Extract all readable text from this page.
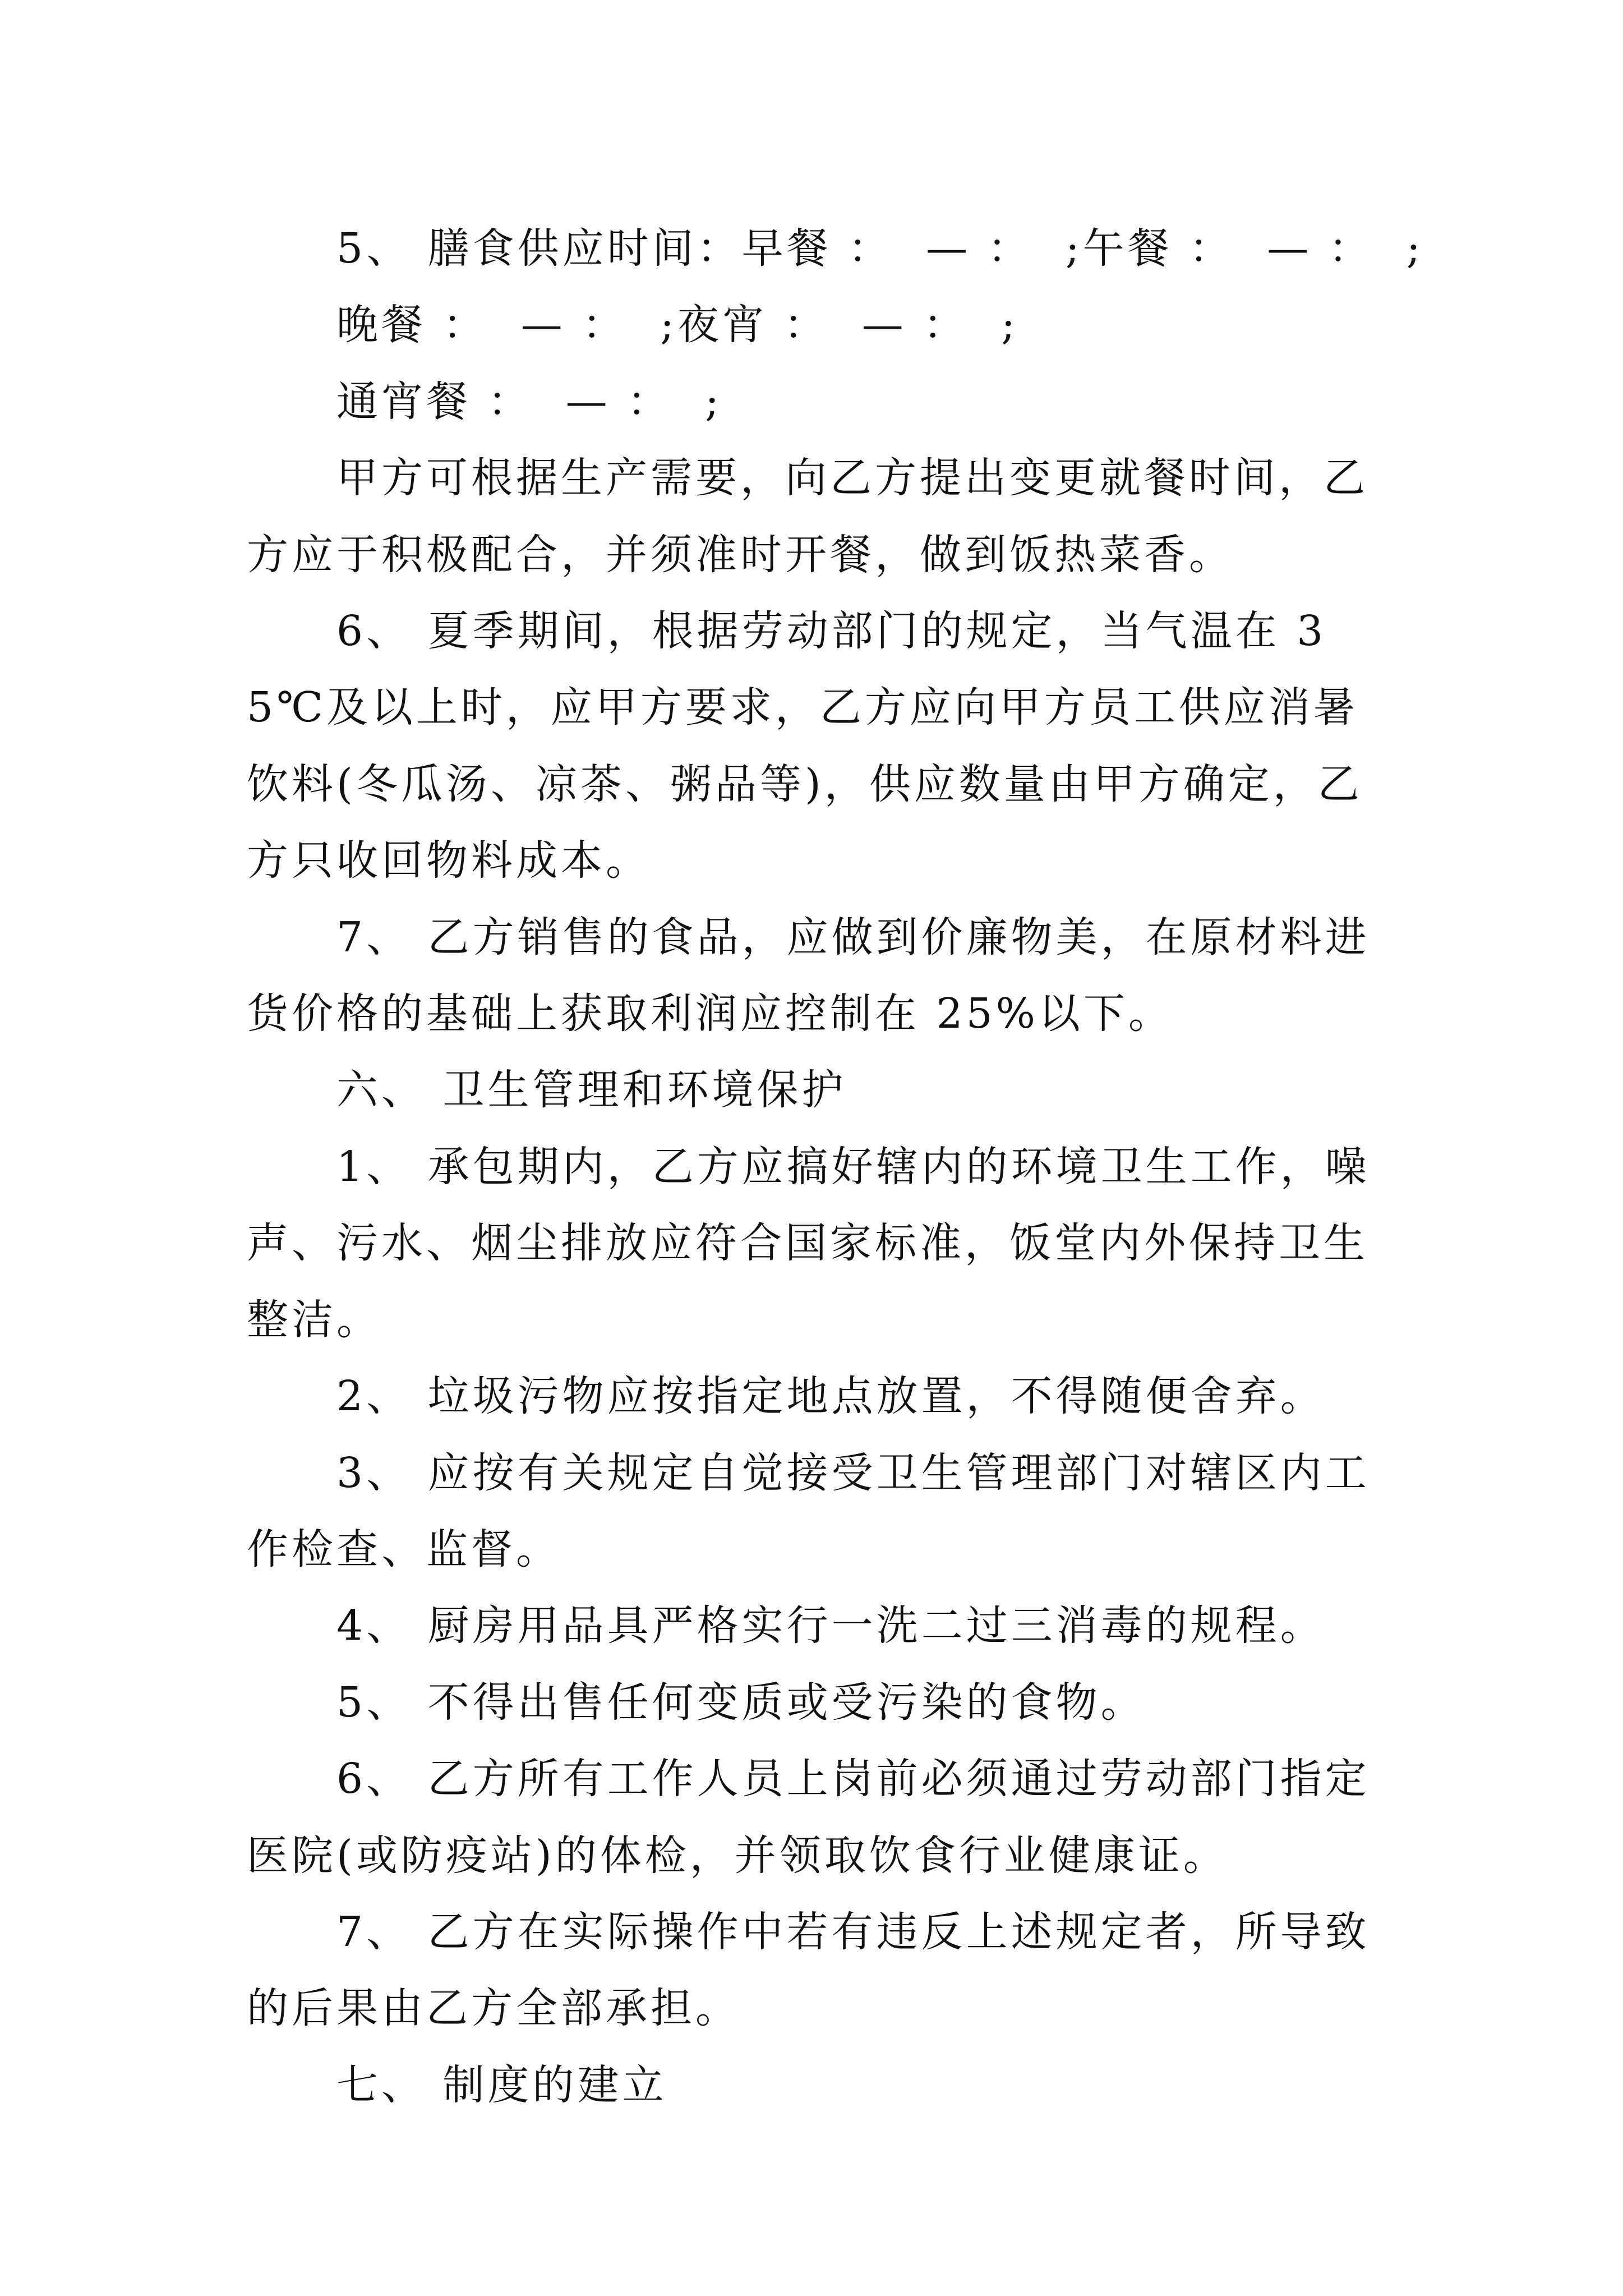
5、 膳食供应时间：早餐 ：  — ：  ;午餐 ：  — ：  ;

晚餐 ：  — ：  ;夜宵 ：  — ：  ;

通宵餐 ：  — ：  ;

甲方可根据生产需要，向乙方提出变更就餐时间，乙方应于积极配合，并须准时开餐，做到饭热菜香。

6、 夏季期间，根据劳动部门的规定，当气温在 35℃及以上时，应甲方要求，乙方应向甲方员工供应消暑饮料(冬瓜汤、凉茶、粥品等)，供应数量由甲方确定，乙方只收回物料成本。

7、 乙方销售的食品，应做到价廉物美，在原材料进货价格的基础上获取利润应控制在 25%以下。

六、 卫生管理和环境保护

1、 承包期内，乙方应搞好辖内的环境卫生工作，噪声、污水、烟尘排放应符合国家标准，饭堂内外保持卫生整洁。

2、 垃圾污物应按指定地点放置，不得随便舍弃。

3、 应按有关规定自觉接受卫生管理部门对辖区内工作检查、监督。

4、 厨房用品具严格实行一洗二过三消毒的规程。

5、 不得出售任何变质或受污染的食物。

6、 乙方所有工作人员上岗前必须通过劳动部门指定医院(或防疫站)的体检，并领取饮食行业健康证。

7、 乙方在实际操作中若有违反上述规定者，所导致的后果由乙方全部承担。

七、 制度的建立
